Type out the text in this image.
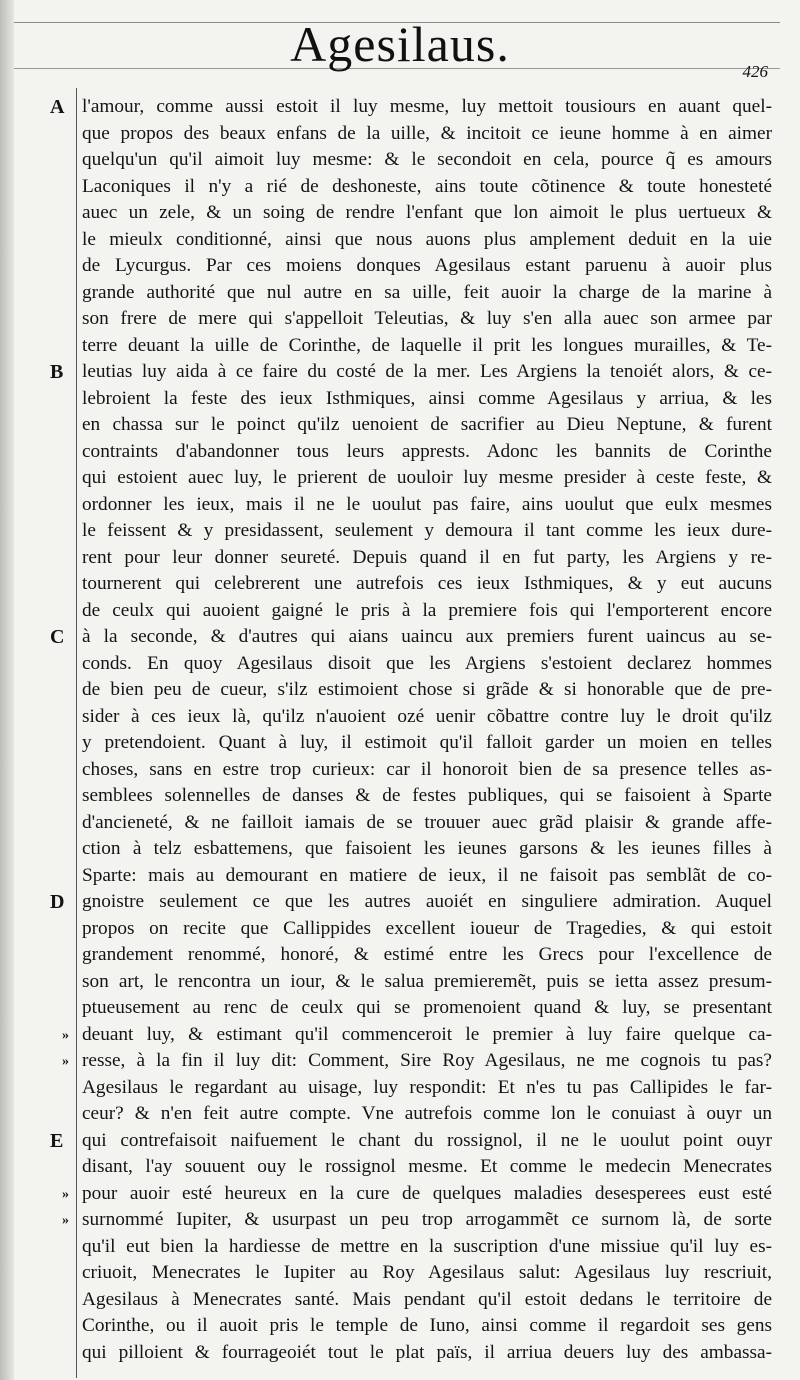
Agesilaus.	426
A
B
C
D
E
»
»
»
»
l'amour, comme aussi estoit il luy mesme, luy mettoit tousiours en auant quel-
que propos des beaux enfans de la uille, & incitoit ce ieune homme à en aimer
quelqu'un qu'il aimoit luy mesme: & le secondoit en cela, pource q̃ es amours
Laconiques il n'y a rié de deshoneste, ains toute cõtinence & toute honesteté
auec un zele, & un soing de rendre l'enfant que lon aimoit le plus uertueux &
le mieulx conditionné, ainsi que nous auons plus amplement deduit en la uie
de Lycurgus. Par ces moiens donques Agesilaus estant paruenu à auoir plus
grande authorité que nul autre en sa uille, feit auoir la charge de la marine à
son frere de mere qui s'appelloit Teleutias, & luy s'en alla auec son armee par
terre deuant la uille de Corinthe, de laquelle il prit les longues murailles, & Te-
leutias luy aida à ce faire du costé de la mer. Les Argiens la tenoiét alors, & ce-
lebroient la feste des ieux Isthmiques, ainsi comme Agesilaus y arriua, & les
en chassa sur le poinct qu'ilz uenoient de sacrifier au Dieu Neptune, & furent
contraints d'abandonner tous leurs apprests. Adonc les bannits de Corinthe
qui estoient auec luy, le prierent de uouloir luy mesme presider à ceste feste, &
ordonner les ieux, mais il ne le uoulut pas faire, ains uoulut que eulx mesmes
le feissent & y presidassent, seulement y demoura il tant comme les ieux dure-
rent pour leur donner seureté. Depuis quand il en fut party, les Argiens y re-
tournerent qui celebrerent une autrefois ces ieux Isthmiques, & y eut aucuns
de ceulx qui auoient gaigné le pris à la premiere fois qui l'emporterent encore
à la seconde, & d'autres qui aians uaincu aux premiers furent uaincus au se-
conds. En quoy Agesilaus disoit que les Argiens s'estoient declarez hommes
de bien peu de cueur, s'ilz estimoient chose si grãde & si honorable que de pre-
sider à ces ieux là, qu'ilz n'auoient ozé uenir cõbattre contre luy le droit qu'ilz
y pretendoient. Quant à luy, il estimoit qu'il falloit garder un moien en telles
choses, sans en estre trop curieux: car il honoroit bien de sa presence telles as-
semblees solennelles de danses & de festes publiques, qui se faisoient à Sparte
d'ancieneté, & ne failloit iamais de se trouuer auec grãd plaisir & grande affe-
ction à telz esbattemens, que faisoient les ieunes garsons & les ieunes filles à
Sparte: mais au demourant en matiere de ieux, il ne faisoit pas semblãt de co-
gnoistre seulement ce que les autres auoiét en singuliere admiration. Auquel
propos on recite que Callippides excellent ioueur de Tragedies, & qui estoit
grandement renommé, honoré, & estimé entre les Grecs pour l'excellence de
son art, le rencontra un iour, & le salua premieremẽt, puis se ietta assez presum-
ptueusement au renc de ceulx qui se promenoient quand & luy, se presentant
deuant luy, & estimant qu'il commenceroit le premier à luy faire quelque ca-
resse, à la fin il luy dit: Comment, Sire Roy Agesilaus, ne me cognois tu pas?
Agesilaus le regardant au uisage, luy respondit: Et n'es tu pas Callipides le far-
ceur? & n'en feit autre compte. Vne autrefois comme lon le conuiast à ouyr un
qui contrefaisoit naifuement le chant du rossignol, il ne le uoulut point ouyr
disant, l'ay souuent ouy le rossignol mesme. Et comme le medecin Menecrates
pour auoir esté heureux en la cure de quelques maladies desesperees eust esté
surnommé Iupiter, & usurpast un peu trop arrogammẽt ce surnom là, de sorte
qu'il eut bien la hardiesse de mettre en la suscription d'une missiue qu'il luy es-
criuoit, Menecrates le Iupiter au Roy Agesilaus salut: Agesilaus luy rescriuit,
Agesilaus à Menecrates santé. Mais pendant qu'il estoit dedans le territoire de
Corinthe, ou il auoit pris le temple de Iuno, ainsi comme il regardoit ses gens
qui pilloient & fourrageoiét tout le plat païs, il arriua deuers luy des ambassa-
